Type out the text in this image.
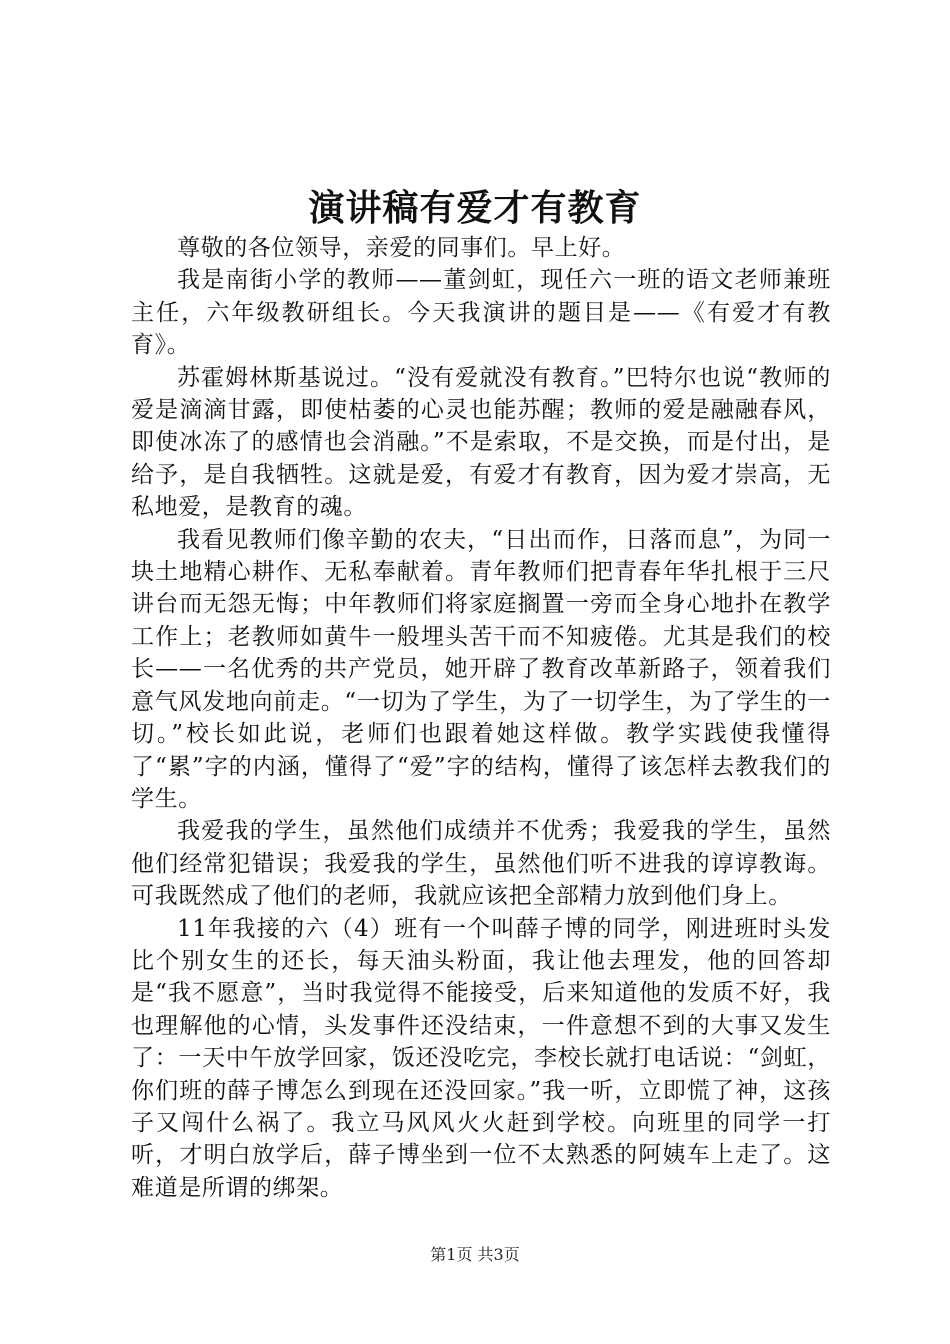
演讲稿有爱才有教育

尊敬的各位领导，亲爱的同事们。早上好。

我是南街小学的教师——董剑虹，现任六一班的语文老师兼班主任，六年级教研组长。今天我演讲的题目是——《有爱才有教育》。

苏霍姆林斯基说过。“没有爱就没有教育。”巴特尔也说“教师的爱是滴滴甘露，即使枯萎的心灵也能苏醒；教师的爱是融融春风，即使冰冻了的感情也会消融。”不是索取，不是交换，而是付出，是给予，是自我牺牲。这就是爱，有爱才有教育，因为爱才崇高，无私地爱，是教育的魂。

我看见教师们像辛勤的农夫，“日出而作，日落而息”，为同一块土地精心耕作、无私奉献着。青年教师们把青春年华扎根于三尺讲台而无怨无悔；中年教师们将家庭搁置一旁而全身心地扑在教学工作上；老教师如黄牛一般埋头苦干而不知疲倦。尤其是我们的校长——一名优秀的共产党员，她开辟了教育改革新路子，领着我们意气风发地向前走。“一切为了学生，为了一切学生，为了学生的一切。”校长如此说，老师们也跟着她这样做。教学实践使我懂得了“累”字的内涵，懂得了“爱”字的结构，懂得了该怎样去教我们的学生。

我爱我的学生，虽然他们成绩并不优秀；我爱我的学生，虽然他们经常犯错误；我爱我的学生，虽然他们听不进我的谆谆教诲。可我既然成了他们的老师，我就应该把全部精力放到他们身上。

11年我接的六（4）班有一个叫薛子博的同学，刚进班时头发比个别女生的还长，每天油头粉面，我让他去理发，他的回答却是“我不愿意”，当时我觉得不能接受，后来知道他的发质不好，我也理解他的心情，头发事件还没结束，一件意想不到的大事又发生了：一天中午放学回家，饭还没吃完，李校长就打电话说：“剑虹，你们班的薛子博怎么到现在还没回家。”我一听，立即慌了神，这孩子又闯什么祸了。我立马风风火火赶到学校。向班里的同学一打听，才明白放学后，薛子博坐到一位不太熟悉的阿姨车上走了。这难道是所谓的绑架。

第1页 共3页
